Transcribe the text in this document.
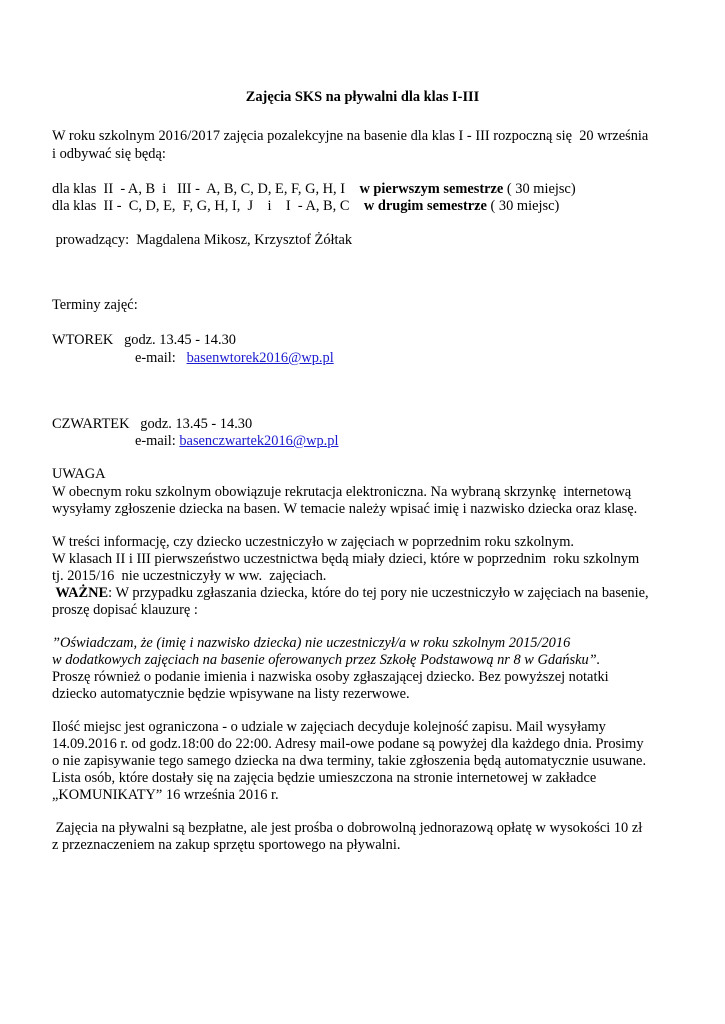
Zajęcia SKS na pływalni dla klas I-III
W roku szkolnym 2016/2017 zajęcia pozalekcyjne na basenie dla klas I - III rozpoczną się  20 września
i odbywać się będą:
dla klas  II  - A, B  i   III -  A, B, C, D, E, F, G, H, I    w pierwszym semestrze ( 30 miejsc)
dla klas  II -  C, D, E,  F, G, H, I,  J    i    I  - A, B, C    w drugim semestrze ( 30 miejsc)
prowadzący:  Magdalena Mikosz, Krzysztof Żółtak
Terminy zajęć:
WTOREK   godz. 13.45 - 14.30
e-mail:   basenwtorek2016@wp.pl
CZWARTEK   godz. 13.45 - 14.30
e-mail: basenczwartek2016@wp.pl
UWAGA
W obecnym roku szkolnym obowiązuje rekrutacja elektroniczna. Na wybraną skrzynkę  internetową
wysyłamy zgłoszenie dziecka na basen. W temacie należy wpisać imię i nazwisko dziecka oraz klasę.
W treści informację, czy dziecko uczestniczyło w zajęciach w poprzednim roku szkolnym.
W klasach II i III pierwszeństwo uczestnictwa będą miały dzieci, które w poprzednim  roku szkolnym
tj. 2015/16  nie uczestniczyły w ww.  zajęciach.
WAŻNE: W przypadku zgłaszania dziecka, które do tej pory nie uczestniczyło w zajęciach na basenie,
proszę dopisać klauzurę :
”Oświadczam, że (imię i nazwisko dziecka) nie uczestniczył/a w roku szkolnym 2015/2016
w dodatkowych zajęciach na basenie oferowanych przez Szkołę Podstawową nr 8 w Gdańsku”.
Proszę również o podanie imienia i nazwiska osoby zgłaszającej dziecko. Bez powyższej notatki
dziecko automatycznie będzie wpisywane na listy rezerwowe.
Ilość miejsc jest ograniczona - o udziale w zajęciach decyduje kolejność zapisu. Mail wysyłamy
14.09.2016 r. od godz.18:00 do 22:00. Adresy mail-owe podane są powyżej dla każdego dnia. Prosimy
o nie zapisywanie tego samego dziecka na dwa terminy, takie zgłoszenia będą automatycznie usuwane.
Lista osób, które dostały się na zajęcia będzie umieszczona na stronie internetowej w zakładce
„KOMUNIKATY” 16 września 2016 r.
Zajęcia na pływalni są bezpłatne, ale jest prośba o dobrowolną jednorazową opłatę w wysokości 10 zł
z przeznaczeniem na zakup sprzętu sportowego na pływalni.
